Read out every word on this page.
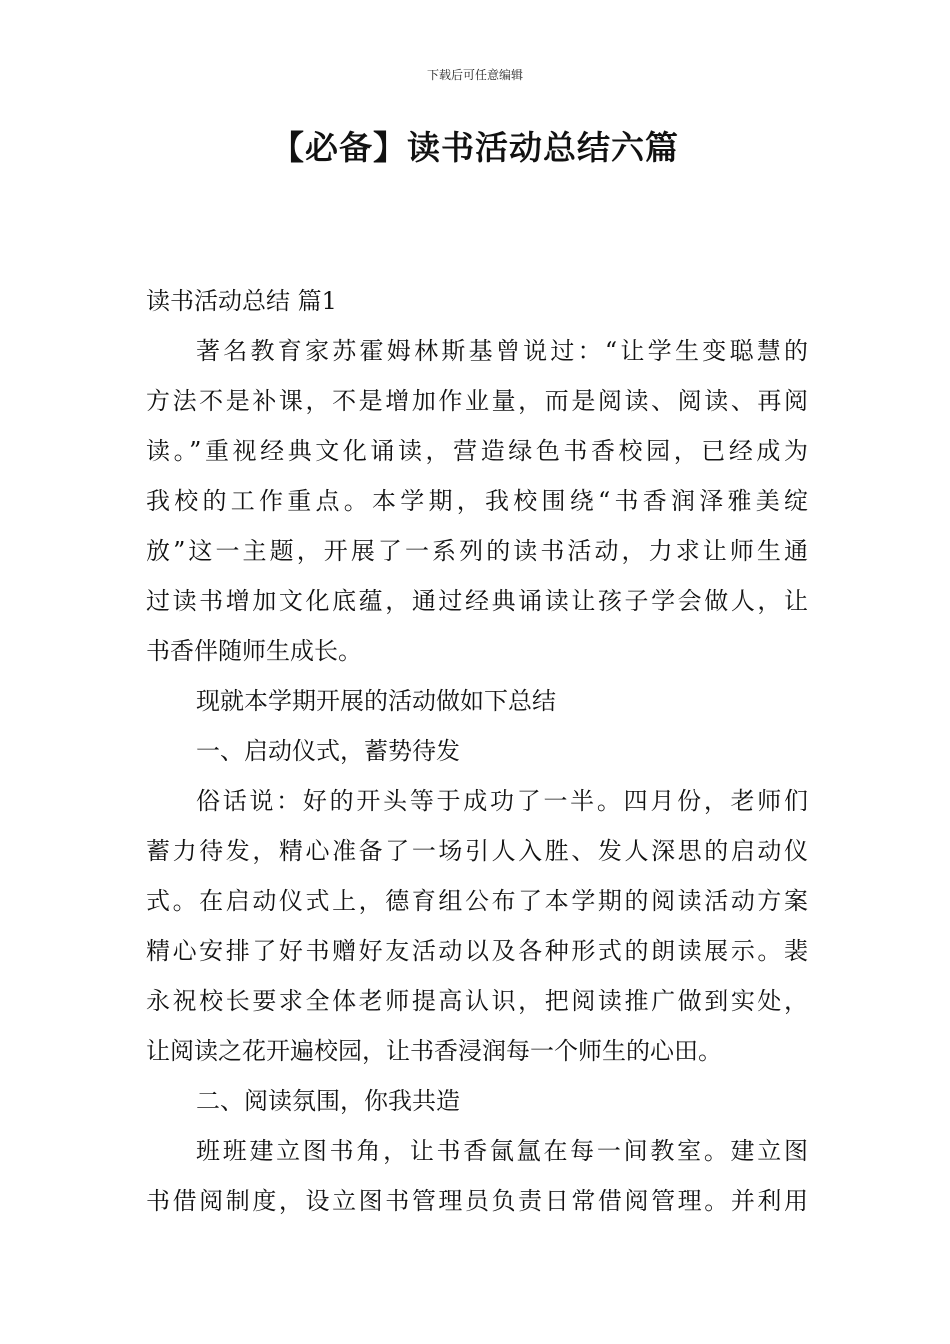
下载后可任意编辑
【必备】读书活动总结六篇

读书活动总结 篇1

著名教育家苏霍姆林斯基曾说过：“让学生变聪慧的

方法不是补课，不是增加作业量，而是阅读、阅读、再阅

读。”重视经典文化诵读，营造绿色书香校园，已经成为

我校的工作重点。本学期，我校围绕“书香润泽雅美绽

放”这一主题，开展了一系列的读书活动，力求让师生通

过读书增加文化底蕴，通过经典诵读让孩子学会做人，让

书香伴随师生成长。

现就本学期开展的活动做如下总结

一、启动仪式，蓄势待发

俗话说：好的开头等于成功了一半。四月份，老师们

蓄力待发，精心准备了一场引人入胜、发人深思的启动仪

式。在启动仪式上，德育组公布了本学期的阅读活动方案

精心安排了好书赠好友活动以及各种形式的朗读展示。裴

永祝校长要求全体老师提高认识，把阅读推广做到实处，

让阅读之花开遍校园，让书香浸润每一个师生的心田。

二、阅读氛围，你我共造

班班建立图书角，让书香氤氲在每一间教室。建立图

书借阅制度，设立图书管理员负责日常借阅管理。并利用
